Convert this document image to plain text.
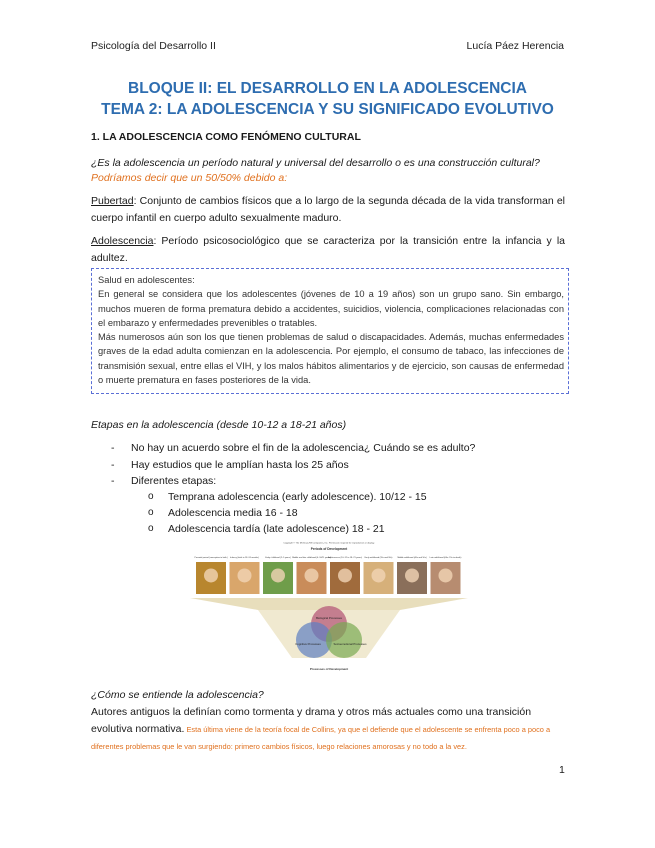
Psicología del Desarrollo II	Lucía Páez Herencia
BLOQUE II: EL DESARROLLO EN LA ADOLESCENCIA
TEMA 2: LA ADOLESCENCIA Y SU SIGNIFICADO EVOLUTIVO
1. LA ADOLESCENCIA COMO FENÓMENO CULTURAL
¿Es la adolescencia un período natural y universal del desarrollo o es una construcción cultural? Podríamos decir que un 50/50% debido a:
Pubertad: Conjunto de cambios físicos que a lo largo de la segunda década de la vida transforman el cuerpo infantil en cuerpo adulto sexualmente maduro.
Adolescencia: Período psicosociológico que se caracteriza por la transición entre la infancia y la adultez.
Salud en adolescentes:
En general se considera que los adolescentes (jóvenes de 10 a 19 años) son un grupo sano. Sin embargo, muchos mueren de forma prematura debido a accidentes, suicidios, violencia, complicaciones relacionadas con el embarazo y enfermedades prevenibles o tratables.
Más numerosos aún son los que tienen problemas de salud o discapacidades. Además, muchas enfermedades graves de la edad adulta comienzan en la adolescencia. Por ejemplo, el consumo de tabaco, las infecciones de transmisión sexual, entre ellas el VIH, y los malos hábitos alimentarios y de ejercicio, son causas de enfermedad o muerte prematura en fases posteriores de la vida.
Etapas en la adolescencia (desde 10-12 a 18-21 años)
- No hay un acuerdo sobre el fin de la adolescencia¿ Cuándo se es adulto?
- Hay estudios que le amplían hasta los 25 años
- Diferentes etapas:
o Temprana adolescencia (early adolescence). 10/12 - 15
o Adolescencia media 16 - 18
o Adolescencia tardía (late adolescence) 18 - 21
Copyright © The McGraw-Hill Companies, Inc. Permission required for reproduction or display.
Periods of Development
Prenatal period (conception to birth) Infancy (birth to 18–24 months)	Early childhood (2–5 years) Middle and late childhood (6–10/11 years)
Adolescence (10–12 to 18–21 years) Early adulthood (20s and 30s) Middle adulthood (40s and 50s) Late adulthood (60s–70s to death)
Biological Processes
Cognitive Processes	Socioemotional Processes
Processes of Development
¿Cómo se entiende la adolescencia?
Autores antiguos la definían como tormenta y drama y otros más actuales como una transición evolutiva normativa. Esta última viene de la teoría focal de Collins, ya que el defiende que el adolescente se enfrenta poco a poco a diferentes problemas que le van surgiendo: primero cambios físicos, luego relaciones amorosas y no todo a la vez.
1
